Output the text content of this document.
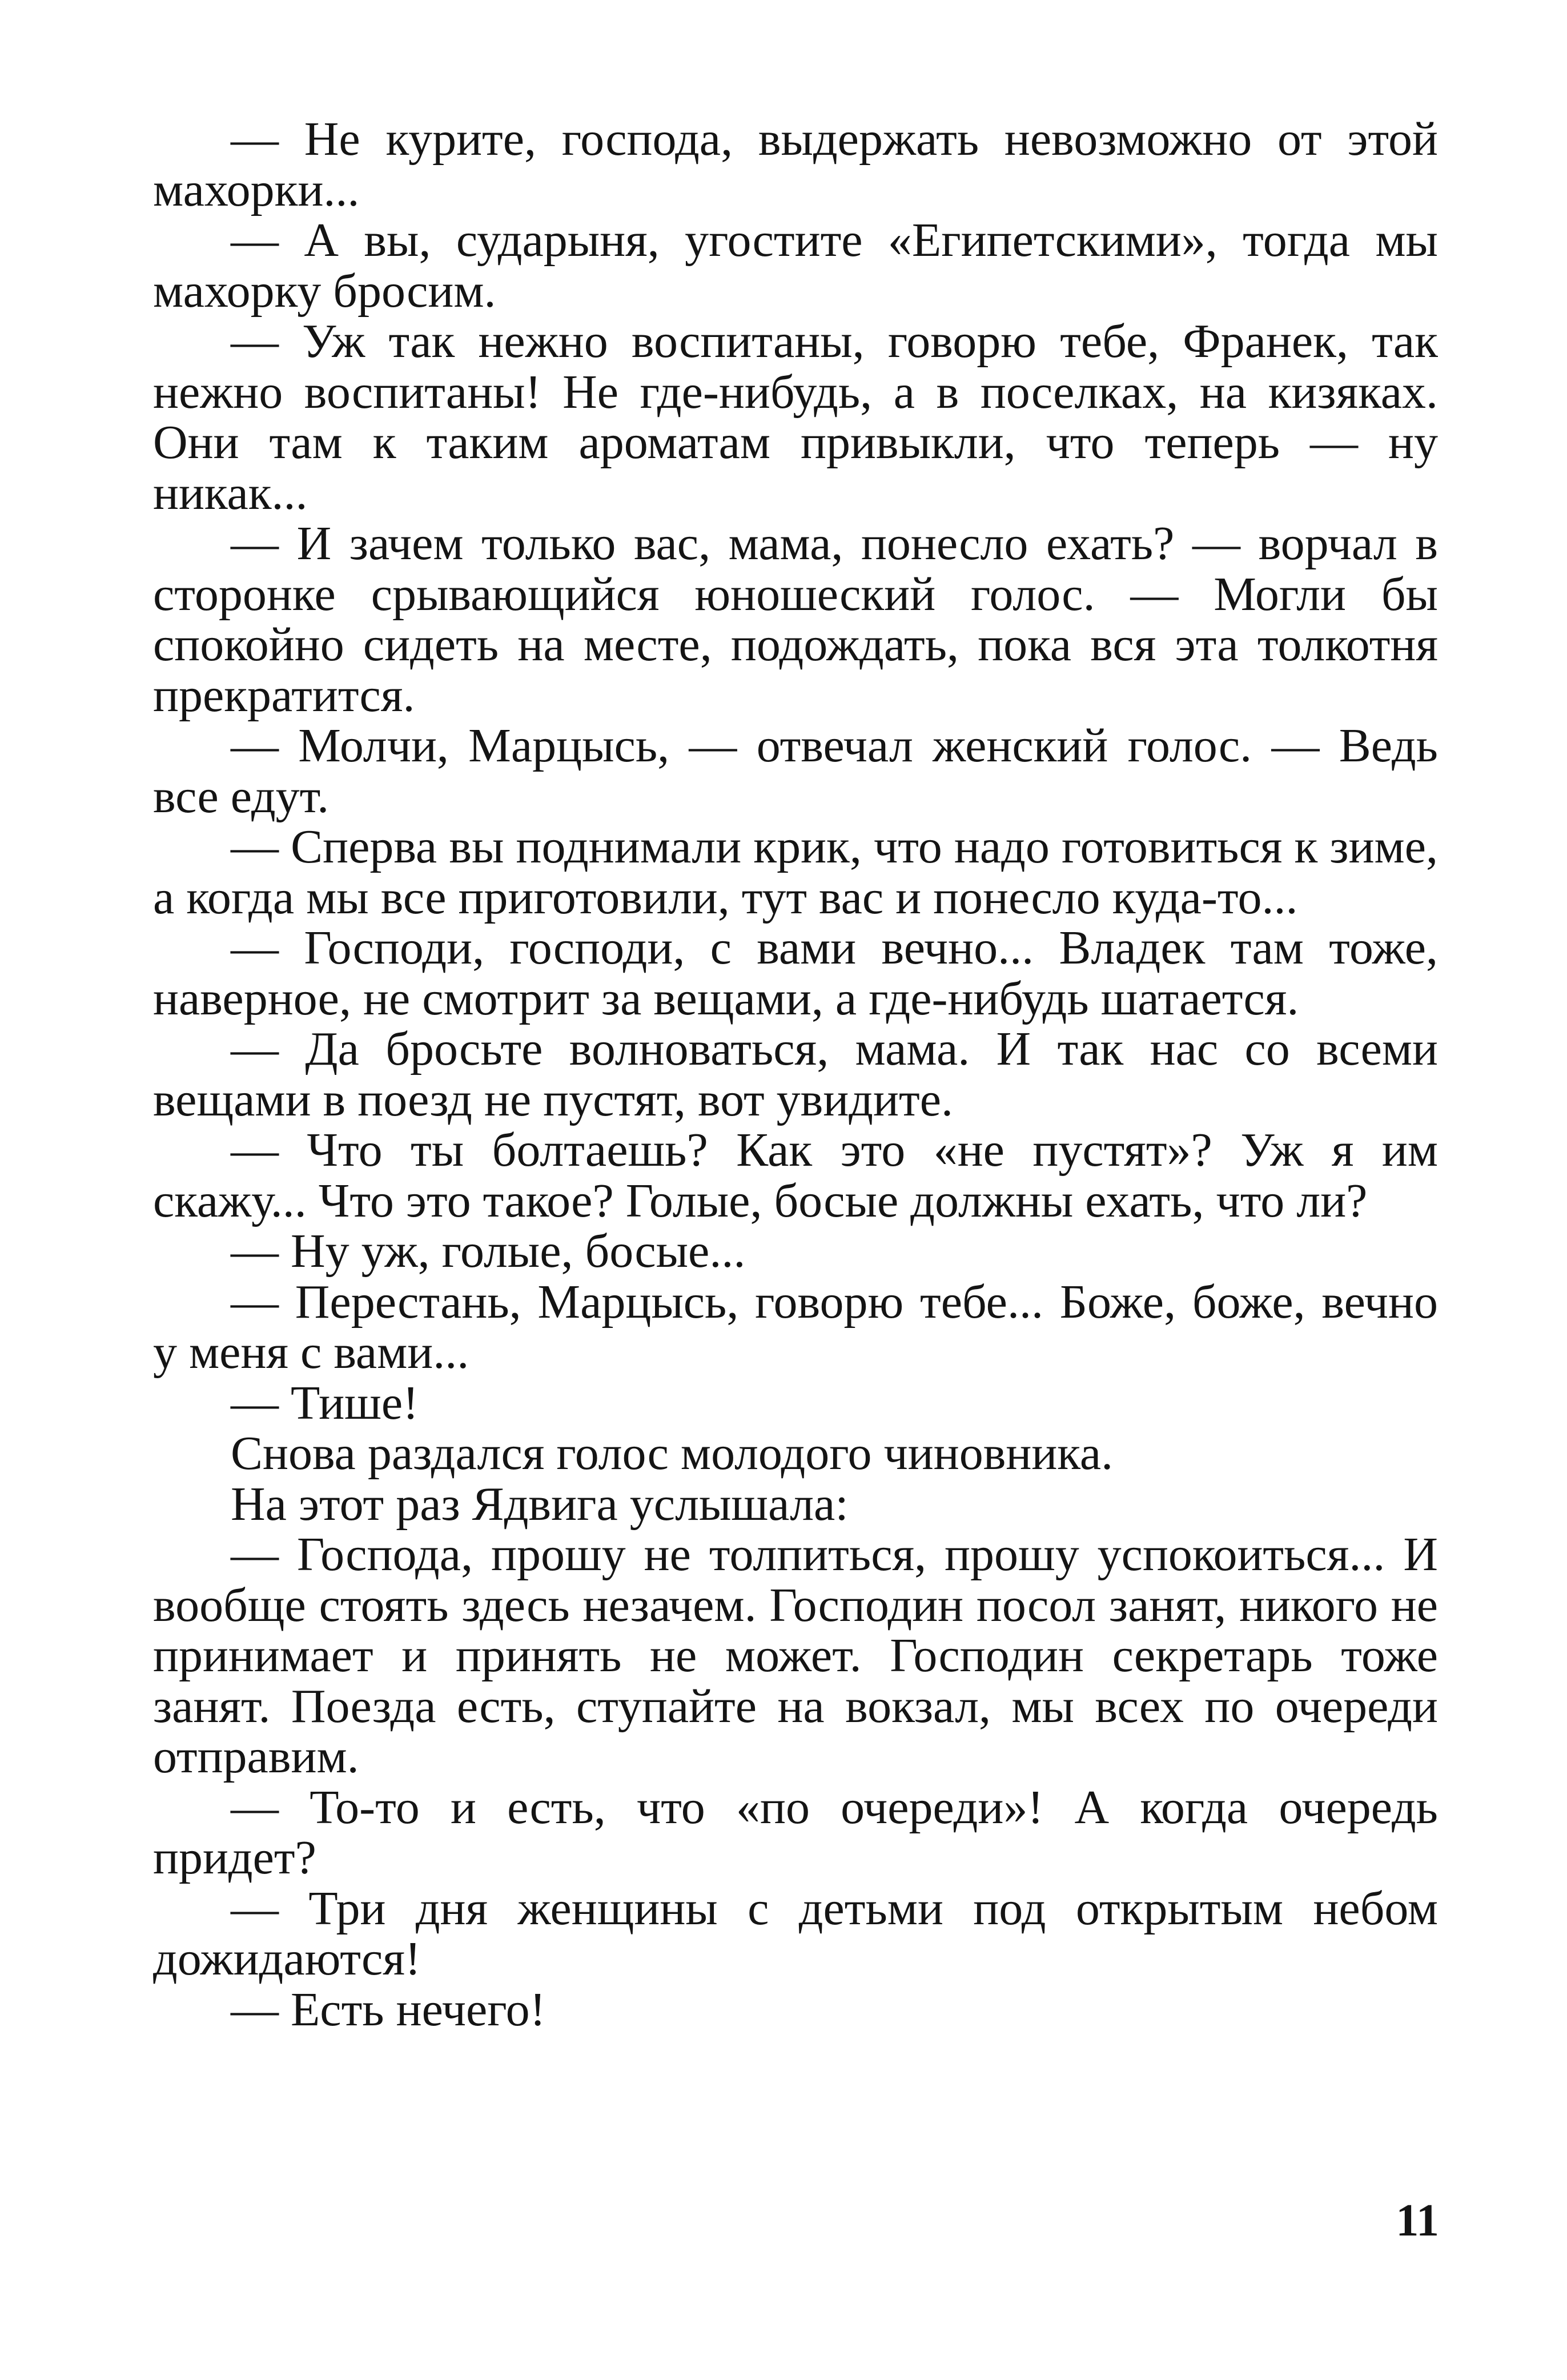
— Не курите, господа, выдержать невозможно от этой махорки...

— А вы, сударыня, угостите «Египетскими», тогда мы махорку бросим.

— Уж так нежно воспитаны, говорю тебе, Франек, так нежно воспитаны! Не где-нибудь, а в поселках, на кизяках. Они там к таким ароматам привыкли, что теперь — ну никак...

— И зачем только вас, мама, понесло ехать? — ворчал в сторонке срывающийся юношеский голос. — Могли бы спокойно сидеть на месте, подождать, пока вся эта толкотня прекратится.

— Молчи, Марцысь, — отвечал женский голос. — Ведь все едут.

— Сперва вы поднимали крик, что надо готовиться к зиме, а когда мы все приготовили, тут вас и понесло куда-то...

— Господи, господи, с вами вечно... Владек там тоже, наверное, не смотрит за вещами, а где-нибудь шатается.

— Да бросьте волноваться, мама. И так нас со всеми вещами в поезд не пустят, вот увидите.

— Что ты болтаешь? Как это «не пустят»? Уж я им скажу... Что это такое? Голые, босые должны ехать, что ли?

— Ну уж, голые, босые...

— Перестань, Марцысь, говорю тебе... Боже, боже, вечно у меня с вами...

— Тише!

Снова раздался голос молодого чиновника.

На этот раз Ядвига услышала:

— Господа, прошу не толпиться, прошу успокоиться... И вообще стоять здесь незачем. Господин посол занят, никого не принимает и принять не может. Господин секретарь тоже занят. Поезда есть, ступайте на вокзал, мы всех по очереди отправим.

— То-то и есть, что «по очереди»! А когда очередь придет?

— Три дня женщины с детьми под открытым небом дожидаются!

— Есть нечего!

11
